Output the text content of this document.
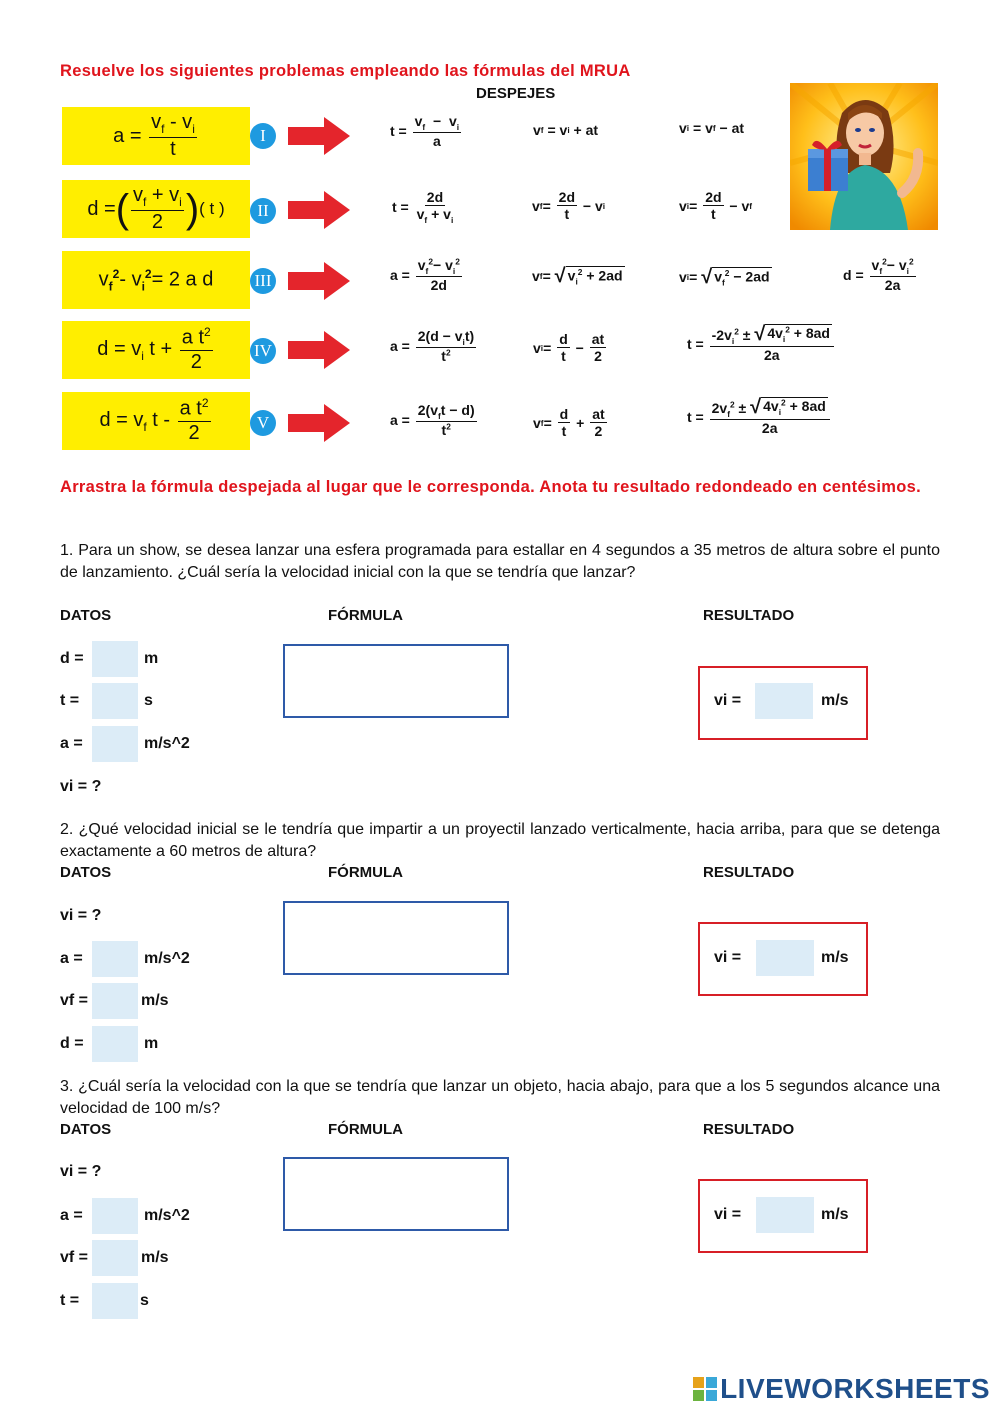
Resuelve los siguientes problemas empleando las fórmulas del MRUA
DESPEJES
$a = \frac{v_f - v_i}{t}$	I	$t = \frac{v_f - v_i}{a}$	v f = v i + at	v i = v f − at
d = ( $\frac{v_f + v_i}{2}$ ) ( t )	II	$t = \frac{2d}{v_f + v_i}$	v $f = \frac{2d}{t} - v$ i	v $i = \frac{2d}{t} - v$ f
$v_f^2-$ $v_i^2= 2$ a d III	$a = \frac{v_f^2- v_i^2}{2d}$	v f = √ $v_i^2 + 2ad$	v i = √ $v_f^2 - 2ad$	$d = \frac{v_f^2- v_i^2}{2a}$
$d = v_i$ $t + \frac{a t^2}{2}$ IV	$a = \frac{2(d - v_it)}{t^2}$	v $i = \frac{d}{t} - \frac{at}{2}$	$t = \frac{-2v_i^2 \pm √ 4v_i^2 + 8ad}{2a}$
$d = v_f$ t - $\frac{a t^2}{2}$	V	$a = \frac{2(v_ft - d)}{t^2}$	v $f = \frac{d}{t} + \frac{at}{2}$	$t = \frac{2v_f^2 \pm √ 4v_i^2 + 8ad}{2a}$
Arrastra la fórmula despejada al lugar que le corresponda. Anota tu resultado redondeado en centésimos.
1. Para un show, se desea lanzar una esfera programada para estallar en 4 segundos a 35 metros de altura sobre el punto de lanzamiento. ¿Cuál sería la velocidad inicial con la que se tendría que lanzar?
DATOS	FÓRMULA	RESULTADO
d =	m
t =	s
a =	m/s^2
vi = ?
vi =	m/s
2. ¿Qué velocidad inicial se le tendría que impartir a un proyectil lanzado verticalmente, hacia arriba, para que se detenga exactamente a 60 metros de altura?
DATOS	FÓRMULA	RESULTADO
vi = ?
a =	m/s^2
vf =	m/s
d =	m
vi =	m/s
3. ¿Cuál sería la velocidad con la que se tendría que lanzar un objeto, hacia abajo, para que a los 5 segundos alcance una velocidad de 100 m/s?
DATOS	FÓRMULA	RESULTADO
vi = ?
a =	m/s^2
vf =	m/s
t =	s
vi =	m/s
LIVEWORKSHEETS
